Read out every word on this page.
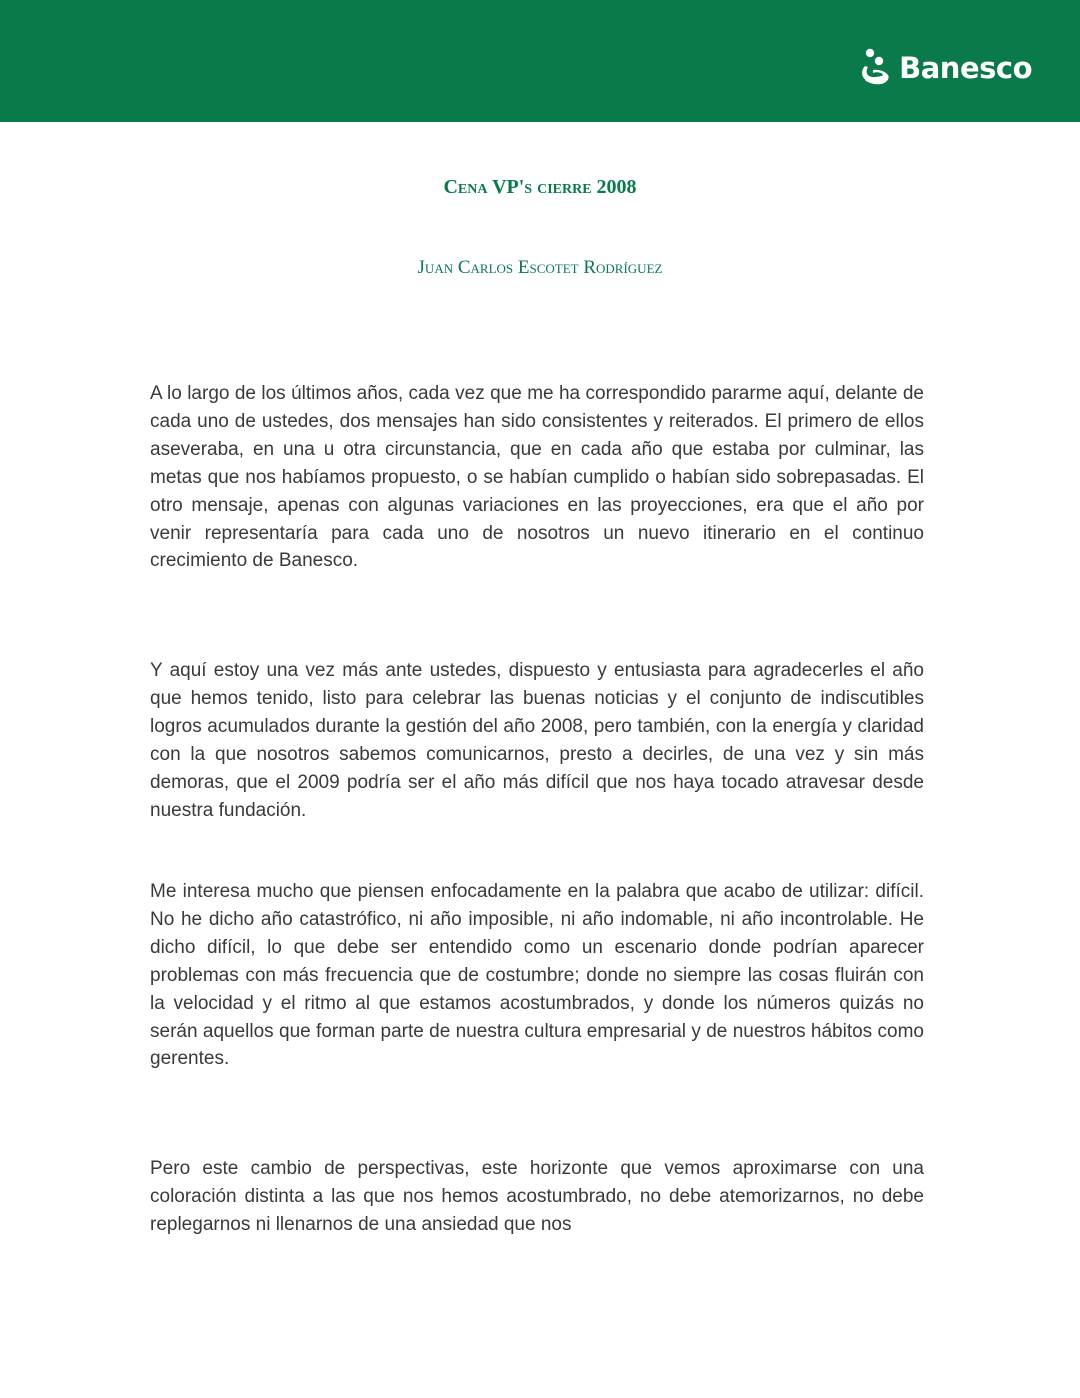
Banesco
Cena VP's cierre 2008
Juan Carlos Escotet Rodríguez

A lo largo de los últimos años, cada vez que me ha correspondido pararme aquí, delante de cada uno de ustedes, dos mensajes han sido consistentes y reiterados. El primero de ellos aseveraba, en una u otra circunstancia, que en cada año que estaba por culminar, las metas que nos habíamos propuesto, o se habían cumplido o habían sido sobrepasadas. El otro mensaje, apenas con algunas variaciones en las proyecciones, era que el año por venir representaría para cada uno de nosotros un nuevo itinerario en el continuo crecimiento de Banesco.

Y aquí estoy una vez más ante ustedes, dispuesto y entusiasta para agradecerles el año que hemos tenido, listo para celebrar las buenas noticias y el conjunto de indiscutibles logros acumulados durante la gestión del año 2008, pero también, con la energía y claridad con la que nosotros sabemos comunicarnos, presto a decirles, de una vez y sin más demoras, que el 2009 podría ser el año más difícil que nos haya tocado atravesar desde nuestra fundación.

Me interesa mucho que piensen enfocadamente en la palabra que acabo de utilizar: difícil. No he dicho año catastrófico, ni año imposible, ni año indomable, ni año incontrolable. He dicho difícil, lo que debe ser entendido como un escenario donde podrían aparecer problemas con más frecuencia que de costumbre; donde no siempre las cosas fluirán con la velocidad y el ritmo al que estamos acostumbrados, y donde los números quizás no serán aquellos que forman parte de nuestra cultura empresarial y de nuestros hábitos como gerentes.

Pero este cambio de perspectivas, este horizonte que vemos aproximarse con una coloración distinta a las que nos hemos acostumbrado, no debe atemorizarnos, no debe replegarnos ni llenarnos de una ansiedad que nos
